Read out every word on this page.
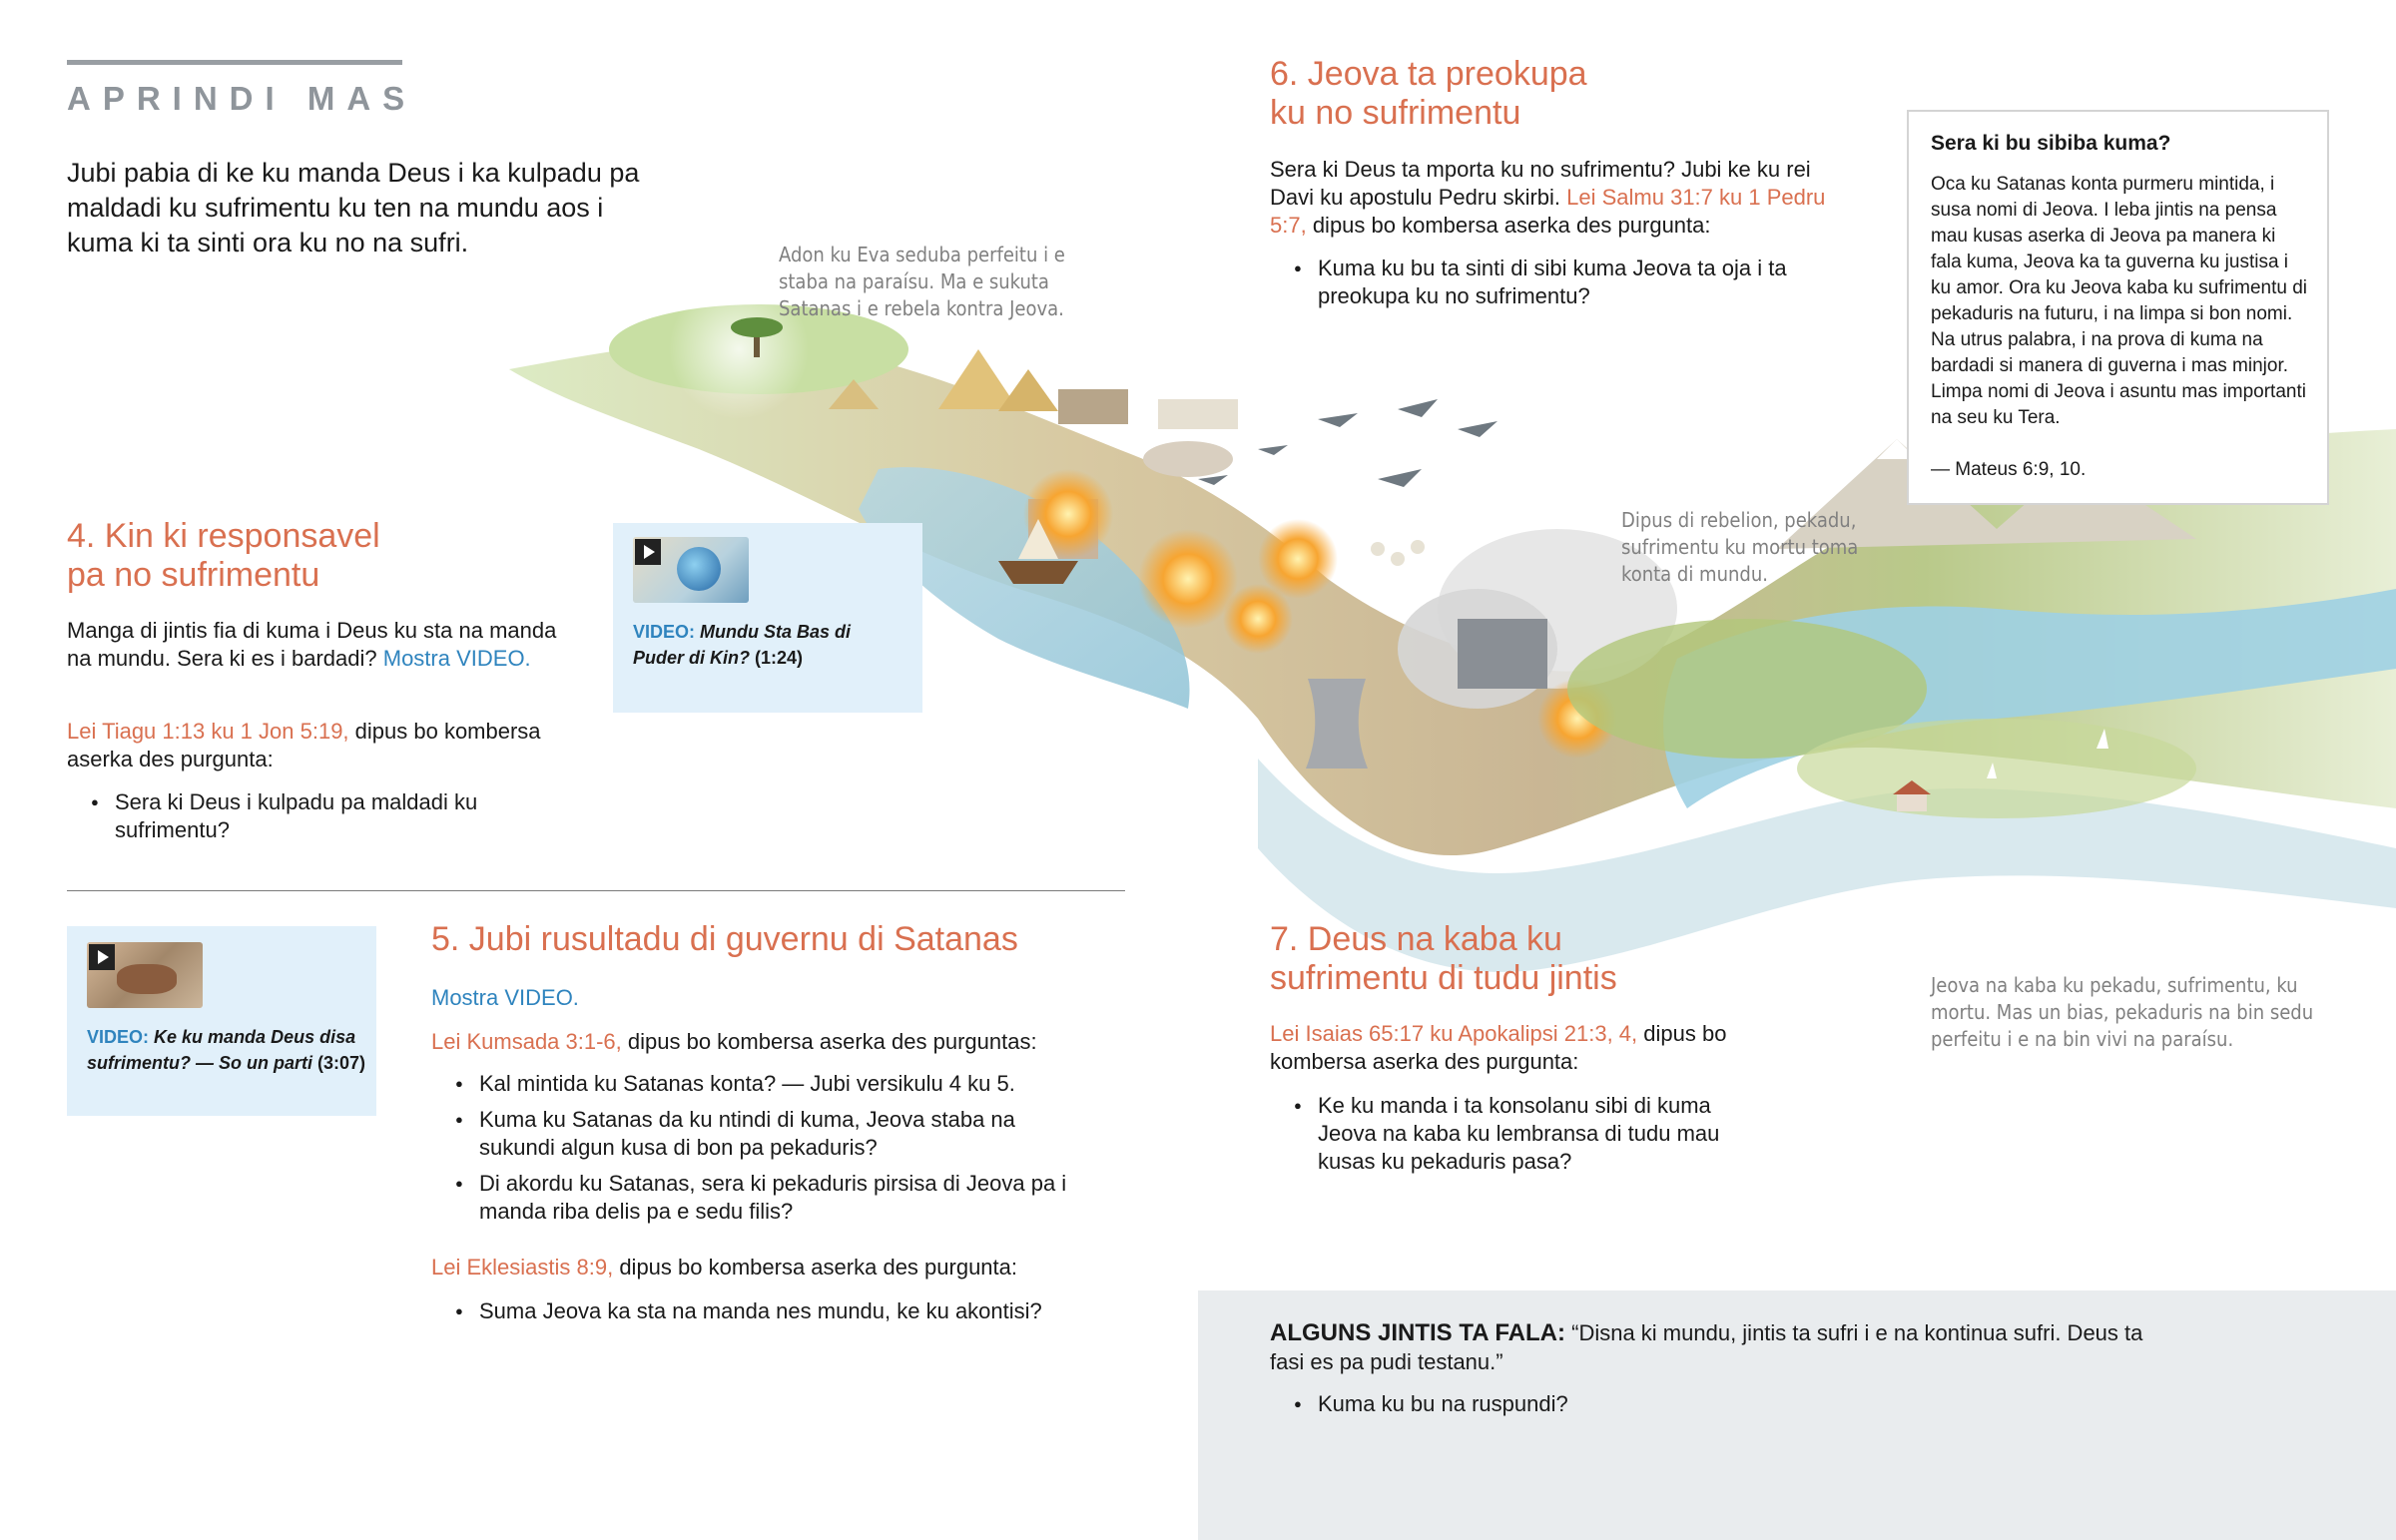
APRINDI MAS
Jubi pabia di ke ku manda Deus i ka kulpadu pa maldadi ku sufrimentu ku ten na mundu aos i kuma ki ta sinti ora ku no na sufri.	Adon ku Eva seduba perfeitu i e staba na paraísu. Ma e sukuta Satanas i e rebela kontra Jeova.
Dipus di rebelion, pekadu, sufrimentu ku mortu toma konta di mundu.
Jeova na kaba ku pekadu, sufrimentu, ku mortu. Mas un bias, pekaduris na bin sedu perfeitu i e na bin vivi na paraísu.
4. Kin ki responsavel pa no sufrimentu
Manga di jintis fia di kuma i Deus ku sta na manda na mundu. Sera ki es i bardadi? Mostra VIDEO.
Lei Tiagu 1:13 ku 1 Jon 5:19, dipus bo kombersa aserka des purgunta:
● Sera ki Deus i kulpadu pa maldadi ku sufrimentu?
VIDEO: Mundu Sta Bas di Puder di Kin? (1:24)
VIDEO: Ke ku manda Deus disa sufrimentu? — So un parti (3:07)
5. Jubi rusultadu di guvernu di Satanas
Mostra VIDEO.
Lei Kumsada 3:1-6, dipus bo kombersa aserka des purguntas:
● Kal mintida ku Satanas konta? — Jubi versikulu 4 ku 5.
● Kuma ku Satanas da ku ntindi di kuma, Jeova staba na sukundi algun kusa di bon pa pekaduris?
● Di akordu ku Satanas, sera ki pekaduris pirsisa di Jeova pa i manda riba delis pa e sedu filis?
Lei Eklesiastis 8:9, dipus bo kombersa aserka des purgunta:
● Suma Jeova ka sta na manda nes mundu, ke ku akontisi?
6. Jeova ta preokupa ku no sufrimentu
Sera ki Deus ta mporta ku no sufrimentu? Jubi ke ku rei Davi ku apostulu Pedru skirbi. Lei Salmu 31:7 ku 1 Pedru 5:7, dipus bo kombersa aserka des purgunta:
● Kuma ku bu ta sinti di sibi kuma Jeova ta oja i ta preokupa ku no sufrimentu?
Sera ki bu sibiba kuma?
Oca ku Satanas konta purmeru mintida, i susa nomi di Jeova. I leba jintis na pensa mau kusas aserka di Jeova pa manera ki fala kuma, Jeova ka ta guverna ku justisa i ku amor. Ora ku Jeova kaba ku sufrimentu di pekaduris na futuru, i na limpa si bon nomi. Na utrus palabra, i na prova di kuma na bardadi si manera di guverna i mas minjor. Limpa nomi di Jeova i asuntu mas importanti na seu ku Tera.
— Mateus 6:9, 10.
7. Deus na kaba ku sufrimentu di tudu jintis
Lei Isaias 65:17 ku Apokalipsi 21:3, 4, dipus bo kombersa aserka des purgunta:
● Ke ku manda i ta konsolanu sibi di kuma Jeova na kaba ku lembransa di tudu mau kusas ku pekaduris pasa?
ALGUNS JINTIS TA FALA: “Disna ki mundu, jintis ta sufri i e na kontinua sufri. Deus ta fasi es pa pudi testanu.”
● Kuma ku bu na ruspundi?
